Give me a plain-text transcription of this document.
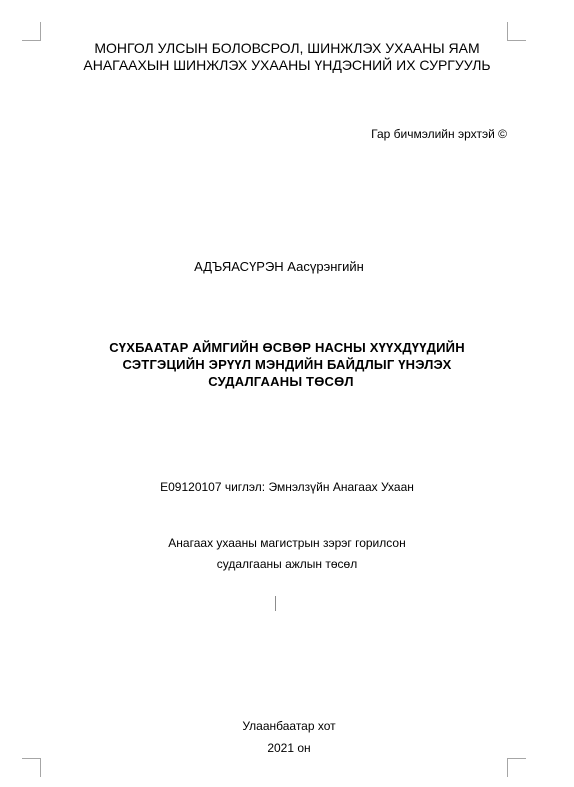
МОНГОЛ УЛСЫН БОЛОВСРОЛ, ШИНЖЛЭХ УХААНЫ ЯАМ
АНАГААХЫН ШИНЖЛЭХ УХААНЫ ҮНДЭСНИЙ ИХ СУРГУУЛЬ
Гар бичмэлийн эрхтэй ©
АДЪЯАСҮРЭН Аасүрэнгийн
СҮХБААТАР АЙМГИЙН ӨСВӨР НАСНЫ ХҮҮХДҮҮДИЙН
СЭТГЭЦИЙН ЭРҮҮЛ МЭНДИЙН БАЙДЛЫГ ҮНЭЛЭХ
СУДАЛГААНЫ ТӨСӨЛ
E09120107 чиглэл: Эмнэлзүйн Анагаах Ухаан
Анагаах ухааны магистрын зэрэг горилсон
судалгааны ажлын төсөл
Улаанбаатар хот
2021 он
